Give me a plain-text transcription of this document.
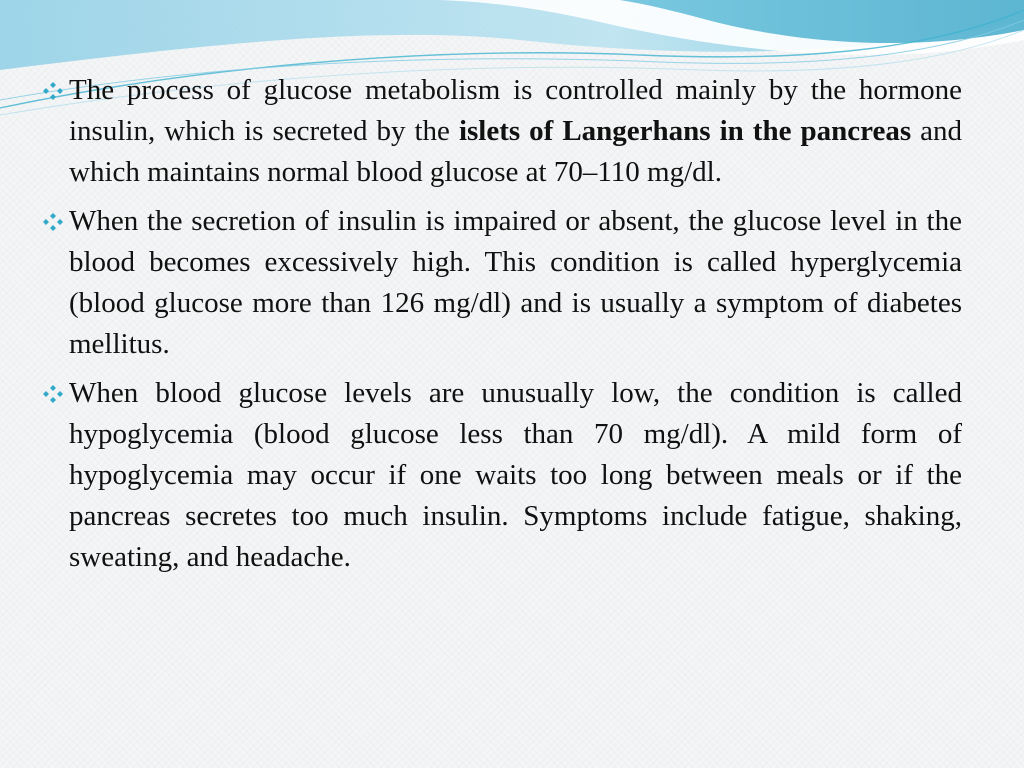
The process of glucose metabolism is controlled mainly by the hormone insulin, which is secreted by the islets of Langerhans in the pancreas and which maintains normal blood glucose at 70–110 mg/dl.

When the secretion of insulin is impaired or absent, the glucose level in the blood becomes excessively high. This condition is called hyperglycemia (blood glucose more than 126 mg/dl) and is usually a symptom of diabetes mellitus.

When blood glucose levels are unusually low, the condition is called hypoglycemia (blood glucose less than 70 mg/dl). A mild form of hypoglycemia may occur if one waits too long between meals or if the pancreas secretes too much insulin. Symptoms include fatigue, shaking, sweating, and headache.
